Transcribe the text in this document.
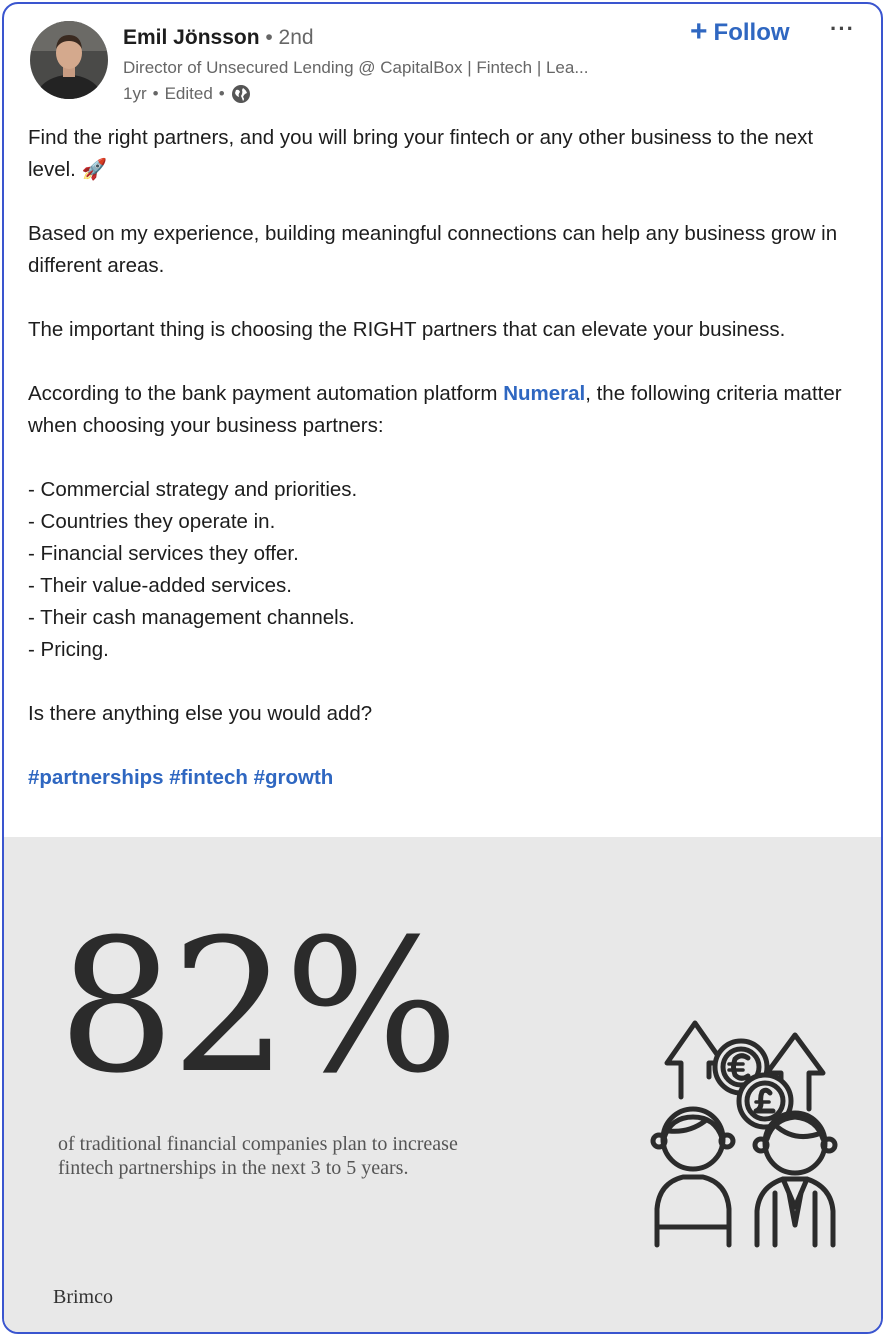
Emil Jönsson • 2nd
Director of Unsecured Lending @ CapitalBox | Fintech | Lea...
1yr • Edited •
+ Follow ···

Find the right partners, and you will bring your fintech or any other business to the next level. 🚀

Based on my experience, building meaningful connections can help any business grow in different areas.

The important thing is choosing the RIGHT partners that can elevate your business.

According to the bank payment automation platform Numeral, the following criteria matter when choosing your business partners:

- Commercial strategy and priorities.

- Countries they operate in.

- Financial services they offer.

- Their value-added services.

- Their cash management channels.

- Pricing.

Is there anything else you would add?

#partnerships #fintech #growth

82%
of traditional financial companies plan to increase fintech partnerships in the next 3 to 5 years.
Brimco
